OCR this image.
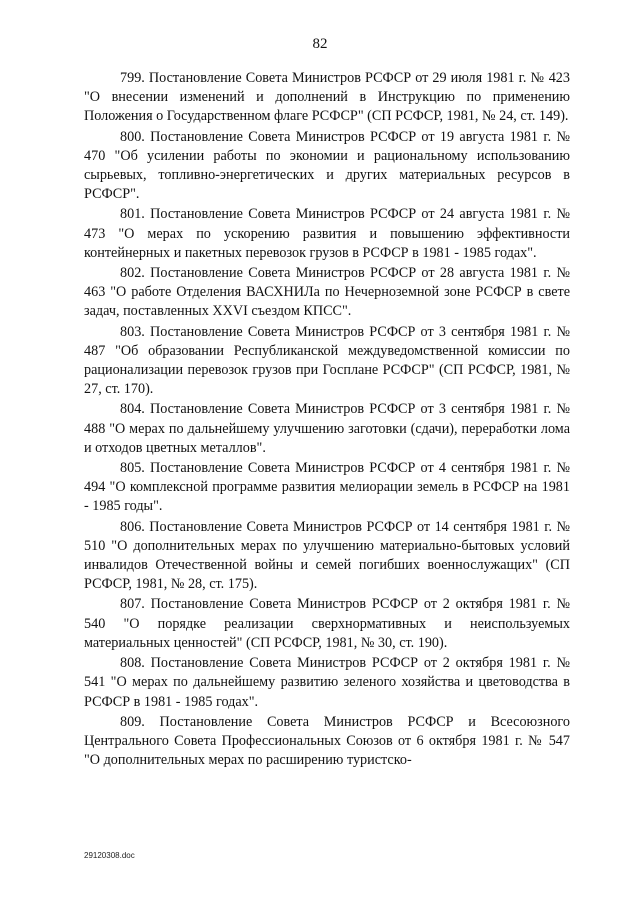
82

799. Постановление Совета Министров РСФСР от 29 июля 1981 г. № 423 "О внесении изменений и дополнений в Инструкцию по применению Положения о Государственном флаге РСФСР" (СП РСФСР, 1981, № 24, ст. 149).

800. Постановление Совета Министров РСФСР от 19 августа 1981 г. № 470 "Об усилении работы по экономии и рациональному использованию сырьевых, топливно-энергетических и других материальных ресурсов в РСФСР".

801. Постановление Совета Министров РСФСР от 24 августа 1981 г. № 473 "О мерах по ускорению развития и повышению эффективности контейнерных и пакетных перевозок грузов в РСФСР в 1981 - 1985 годах".

802. Постановление Совета Министров РСФСР от 28 августа 1981 г. № 463 "О работе Отделения ВАСХНИЛа по Нечерноземной зоне РСФСР в свете задач, поставленных XXVI съездом КПСС".

803. Постановление Совета Министров РСФСР от 3 сентября 1981 г. № 487 "Об образовании Республиканской междуведомственной комиссии по рационализации перевозок грузов при Госплане РСФСР" (СП РСФСР, 1981, № 27, ст. 170).

804. Постановление Совета Министров РСФСР от 3 сентября 1981 г. № 488 "О мерах по дальнейшему улучшению заготовки (сдачи), переработки лома и отходов цветных металлов".

805. Постановление Совета Министров РСФСР от 4 сентября 1981 г. № 494 "О комплексной программе развития мелиорации земель в РСФСР на 1981 - 1985 годы".

806. Постановление Совета Министров РСФСР от 14 сентября 1981 г. № 510 "О дополнительных мерах по улучшению материально-бытовых условий инвалидов Отечественной войны и семей погибших военнослужащих" (СП РСФСР, 1981, № 28, ст. 175).

807. Постановление Совета Министров РСФСР от 2 октября 1981 г. № 540 "О порядке реализации сверхнормативных и неиспользуемых материальных ценностей" (СП РСФСР, 1981, № 30, ст. 190).

808. Постановление Совета Министров РСФСР от 2 октября 1981 г. № 541 "О мерах по дальнейшему развитию зеленого хозяйства и цветоводства в РСФСР в 1981 - 1985 годах".

809. Постановление Совета Министров РСФСР и Всесоюзного Центрального Совета Профессиональных Союзов от 6 октября 1981 г. № 547 "О дополнительных мерах по расширению туристско-

29120308.doc
